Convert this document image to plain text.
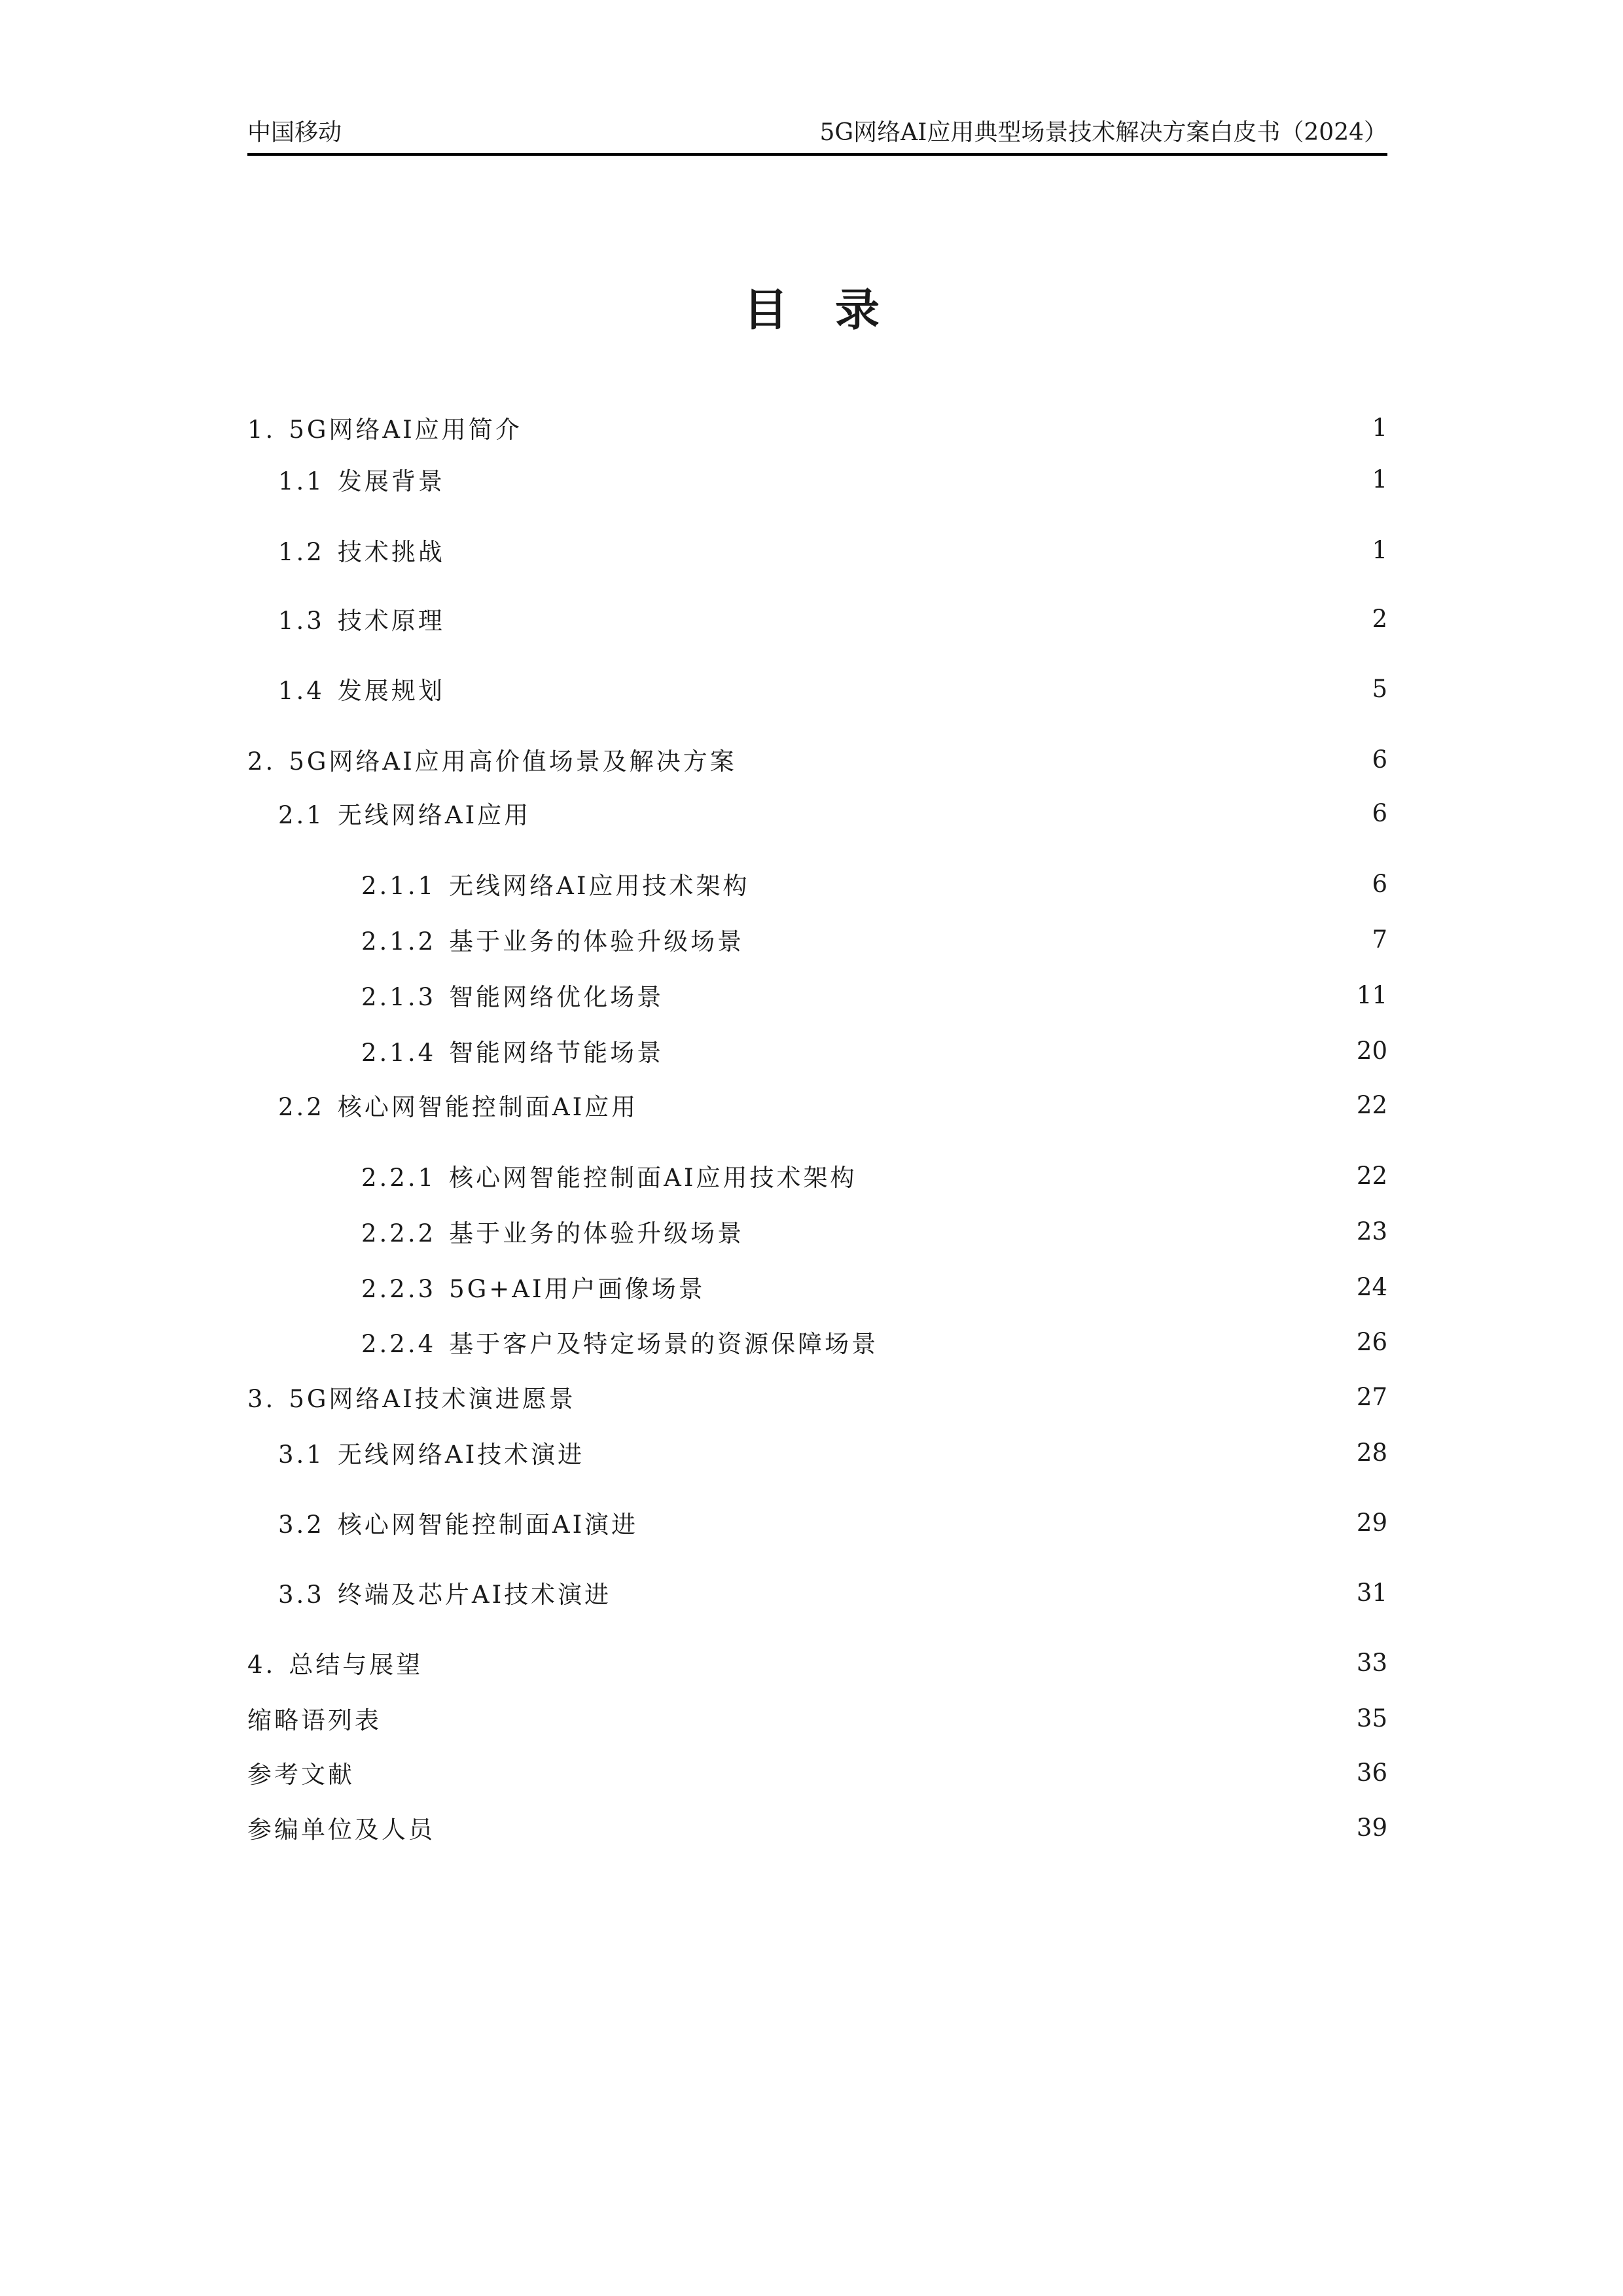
中国移动	5G网络AI应用典型场景技术解决方案白皮书（2024）
目录
1. 5G网络AI应用简介	1
1.1 发展背景	1
1.2 技术挑战	1
1.3 技术原理	2
1.4 发展规划	5
2. 5G网络AI应用高价值场景及解决方案	6
2.1 无线网络AI应用	6
2.1.1 无线网络AI应用技术架构	6
2.1.2 基于业务的体验升级场景	7
2.1.3 智能网络优化场景	11
2.1.4 智能网络节能场景	20
2.2 核心网智能控制面AI应用	22
2.2.1 核心网智能控制面AI应用技术架构	22
2.2.2 基于业务的体验升级场景	23
2.2.3 5G+AI用户画像场景	24
2.2.4 基于客户及特定场景的资源保障场景	26
3. 5G网络AI技术演进愿景	27
3.1 无线网络AI技术演进	28
3.2 核心网智能控制面AI演进	29
3.3 终端及芯片AI技术演进	31
4. 总结与展望	33
缩略语列表	35
参考文献	36
参编单位及人员	39
